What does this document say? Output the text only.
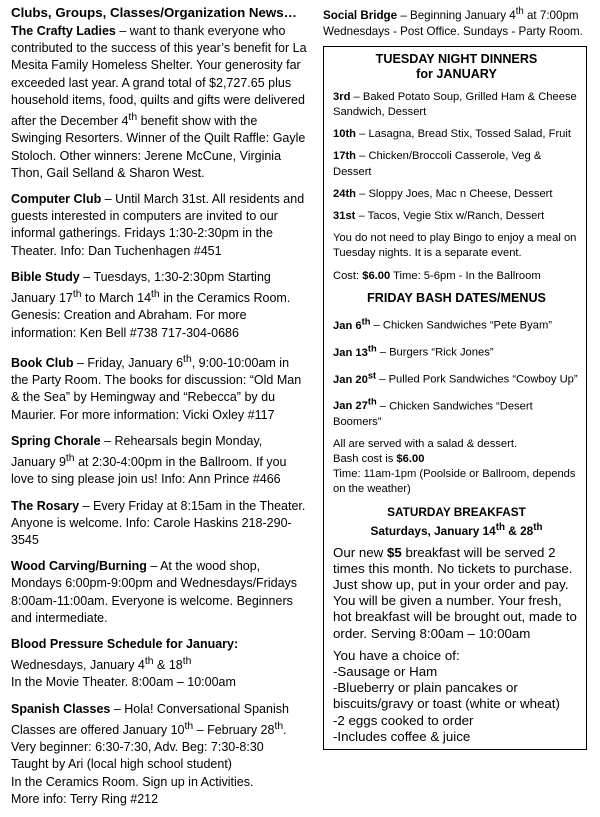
Clubs, Groups, Classes/Organization News…

The Crafty Ladies – want to thank everyone who contributed to the success of this year’s benefit for La Mesita Family Homeless Shelter. Your generosity far exceeded last year. A grand total of $2,727.65 plus household items, food, quilts and gifts were delivered after the December 4th benefit show with the Swinging Resorters. Winner of the Quilt Raffle: Gayle Stoloch. Other winners: Jerene McCune, Virginia Thon, Gail Selland & Sharon West.

Computer Club – Until March 31st. All residents and guests interested in computers are invited to our informal gatherings. Fridays 1:30-2:30pm in the Theater. Info: Dan Tuchenhagen #451

Bible Study – Tuesdays, 1:30-2:30pm Starting January 17th to March 14th in the Ceramics Room. Genesis: Creation and Abraham. For more information: Ken Bell #738 717-304-0686

Book Club – Friday, January 6th, 9:00-10:00am in the Party Room. The books for discussion: “Old Man & the Sea” by Hemingway and “Rebecca” by du Maurier. For more information: Vicki Oxley #117

Spring Chorale – Rehearsals begin Monday, January 9th at 2:30-4:00pm in the Ballroom. If you love to sing please join us! Info: Ann Prince #466

The Rosary – Every Friday at 8:15am in the Theater. Anyone is welcome. Info: Carole Haskins 218-290-3545

Wood Carving/Burning – At the wood shop, Mondays 6:00pm-9:00pm and Wednesdays/Fridays 8:00am-11:00am. Everyone is welcome. Beginners and intermediate.

Blood Pressure Schedule for January:
Wednesdays, January 4th & 18th
In the Movie Theater. 8:00am – 10:00am

Spanish Classes – Hola! Conversational Spanish Classes are offered January 10th – February 28th.
Very beginner: 6:30-7:30, Adv. Beg: 7:30-8:30
Taught by Ari (local high school student)
In the Ceramics Room. Sign up in Activities.
More info: Terry Ring #212

Social Bridge – Beginning January 4th at 7:00pm Wednesdays - Post Office. Sundays - Party Room.

TUESDAY NIGHT DINNERS
for JANUARY

3rd – Baked Potato Soup, Grilled Ham & Cheese Sandwich, Dessert

10th – Lasagna, Bread Stix, Tossed Salad, Fruit

17th – Chicken/Broccoli Casserole, Veg & Dessert

24th – Sloppy Joes, Mac n Cheese, Dessert

31st – Tacos, Vegie Stix w/Ranch, Dessert

You do not need to play Bingo to enjoy a meal on Tuesday nights. It is a separate event.

Cost: $6.00 Time: 5-6pm - In the Ballroom

FRIDAY BASH DATES/MENUS

Jan 6th – Chicken Sandwiches “Pete Byam”

Jan 13th – Burgers “Rick Jones”

Jan 20st – Pulled Pork Sandwiches “Cowboy Up”

Jan 27th – Chicken Sandwiches “Desert Boomers”

All are served with a salad & dessert.
Bash cost is $6.00
Time: 11am-1pm (Poolside or Ballroom, depends on the weather)

SATURDAY BREAKFAST
Saturdays, January 14th & 28th

Our new $5 breakfast will be served 2 times this month. No tickets to purchase. Just show up, put in your order and pay. You will be given a number. Your fresh, hot breakfast will be brought out, made to order. Serving 8:00am – 10:00am

You have a choice of:
-Sausage or Ham
-Blueberry or plain pancakes or biscuits/gravy or toast (white or wheat)
-2 eggs cooked to order
-Includes coffee & juice
